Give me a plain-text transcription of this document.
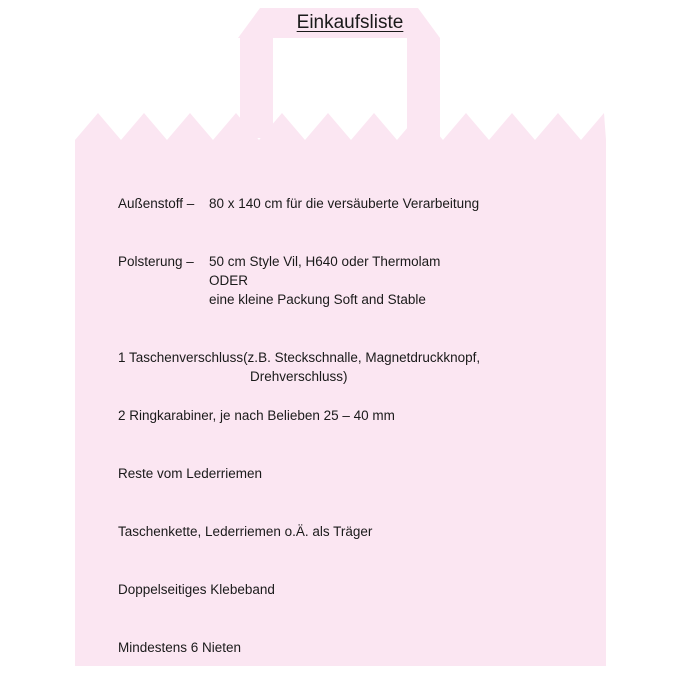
Einkaufsliste
Außenstoff – 80 x 140 cm für die versäuberte Verarbeitung
Polsterung – 50 cm Style Vil, H640 oder Thermolam
ODER
eine kleine Packung Soft and Stable
1 Taschenverschluss(z.B. Steckschnalle, Magnetdruckknopf,
Drehverschluss)
2 Ringkarabiner, je nach Belieben 25 – 40 mm
Reste vom Lederriemen
Taschenkette, Lederriemen o.Ä. als Träger
Doppelseitiges Klebeband
Mindestens 6 Nieten
